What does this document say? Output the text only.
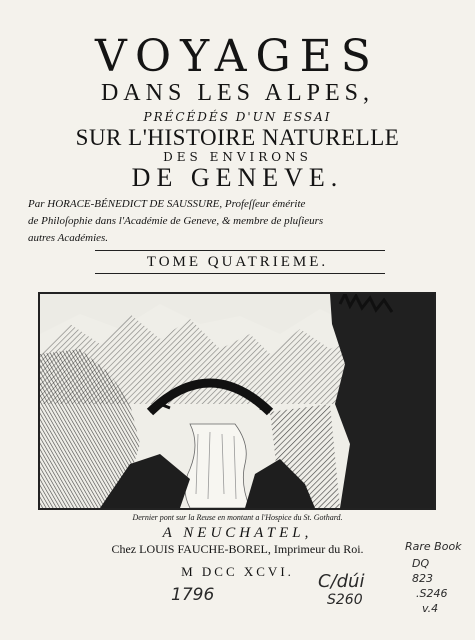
VOYAGES
DANS LES ALPES,
PRÉCÉDÉS D'UN ESSAI
SUR L'HISTOIRE NATURELLE
DES ENVIRONS
DE GENEVE.
Par HORACE-BÉNEDICT DE SAUSSURE, Profeſſeur émérite
de Philoſophie dans l'Académie de Geneve, & membre de pluſieurs
autres Académies.
TOME QUATRIEME.
Dernier pont sur la Reuse en montant a l'Hospice du St. Gothard.
A NEUCHATEL,
Chez LOUIS FAUCHE-BOREL, Imprimeur du Roi.
M DCC XCVI.
1796
C/dúi
S260
Rare Book
DQ
823
.S246
v.4
